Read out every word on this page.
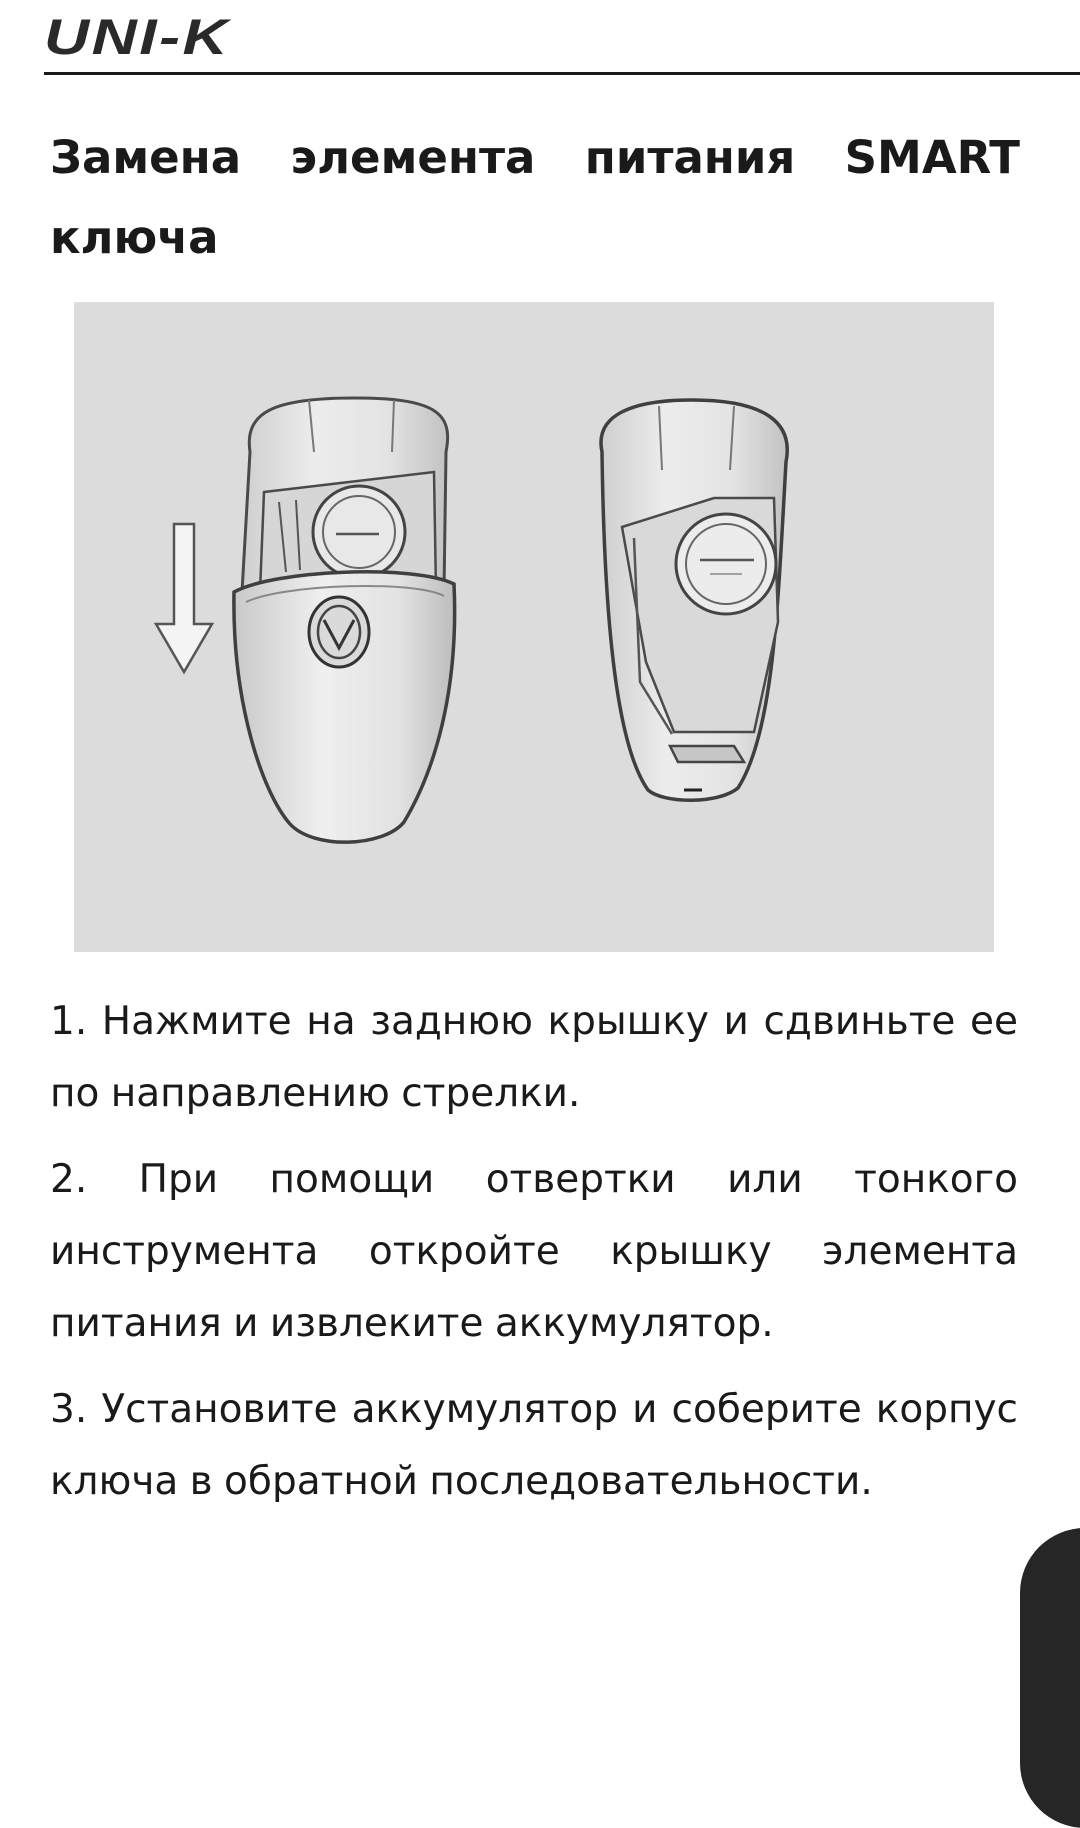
UNI-K
Замена элемента питания SMART ключа

1. Нажмите на заднюю крышку и сдвиньте ее по направлению стрелки.

2. При помощи отвертки или тонкого инструмента откройте крышку элемента питания и извлеките аккумулятор.

3. Установите аккумулятор и соберите корпус ключа в обратной последовательности.
